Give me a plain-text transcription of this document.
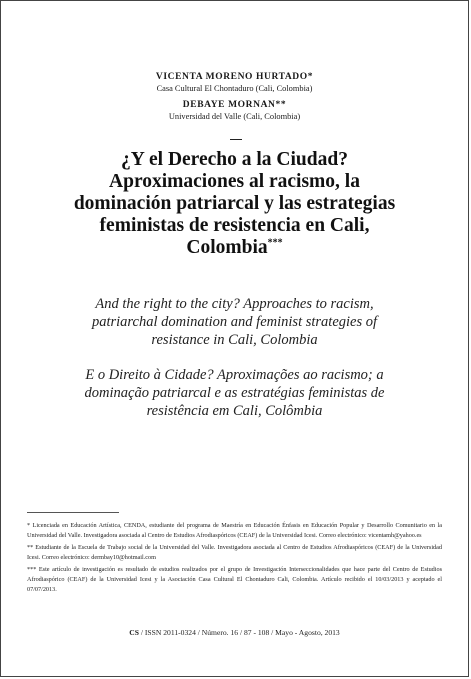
VICENTA MORENO HURTADO*
Casa Cultural El Chontaduro (Cali, Colombia)
DEBAYE MORNAN**
Universidad del Valle (Cali, Colombia)
¿Y el Derecho a la Ciudad?
Aproximaciones al racismo, la
dominación patriarcal y las estrategias
feministas de resistencia en Cali,
Colombia***
And the right to the city? Approaches to racism,
patriarchal domination and feminist strategies of
resistance in Cali, Colombia
E o Direito à Cidade? Aproximações ao racismo; a
dominação patriarcal e as estratégias feministas de
resistência em Cali, Colômbia

* Licenciada en Educación Artística, CENDA, estudiante del programa de Maestría en Educación Énfasis en Educación Popular y Desarrollo Comunitario en la Universidad del Valle. Investigadora asociada al Centro de Estudios Afrodiaspóricos (CEAF) de la Universidad Icesi. Correo electrónico: vicentamh@yahoo.es

** Estudiante de la Escuela de Trabajo social de la Universidad del Valle. Investigadora asociada al Centro de Estudios Afrodiaspóricos (CEAF) de la Universidad Icesi. Correo electrónico: dermbay10@hotmail.com

*** Este artículo de investigación es resultado de estudios realizados por el grupo de Investigación Interseccionalidades que hace parte del Centro de Estudios Afrodiaspórico (CEAF) de la Universidad Icesi y la Asociación Casa Cultural El Chontaduro Cali, Colombia. Artículo recibido el 10/03/2013 y aceptado el 07/07/2013.

CS / ISSN 2011-0324 / Número. 16 / 87 - 108 / Mayo - Agosto, 2013
